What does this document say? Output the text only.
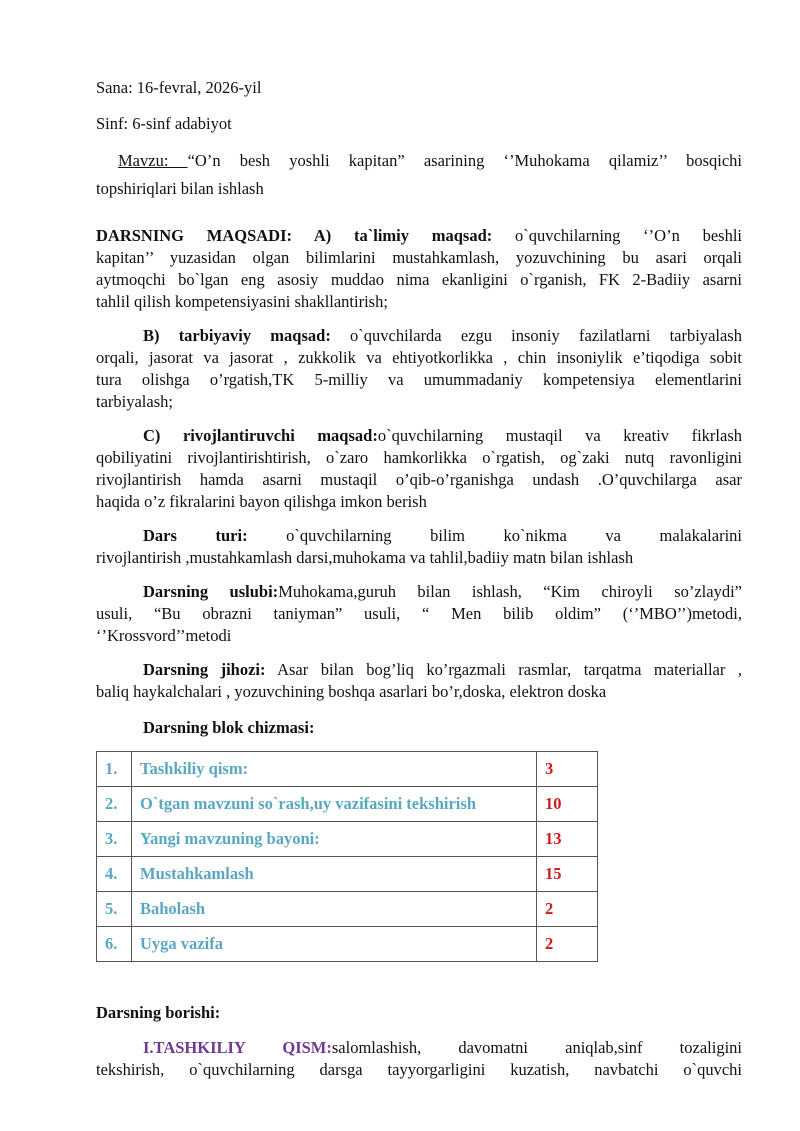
Sana: 16-fevral, 2026-yil

Sinf: 6-sinf adabiyot

Mavzu: “O’n besh yoshli kapitan” asarining ‘’Muhokama qilamiz’’ bosqichi

topshiriqlari bilan ishlash

DARSNING MAQSADI: A) ta`limiy maqsad: o`quvchilarning ‘’O’n beshli

kapitan’’ yuzasidan olgan bilimlarini mustahkamlash, yozuvchining bu asari orqali

aytmoqchi bo`lgan eng asosiy muddao nima ekanligini o`rganish, FK 2-Badiiy asarni

tahlil qilish kompetensiyasini shakllantirish;

B) tarbiyaviy maqsad: o`quvchilarda ezgu insoniy fazilatlarni tarbiyalash

orqali, jasorat va jasorat , zukkolik va ehtiyotkorlikka , chin insoniylik e’tiqodiga sobit

tura olishga o’rgatish,TK 5-milliy va umummadaniy kompetensiya elementlarini

tarbiyalash;

C) rivojlantiruvchi maqsad:o`quvchilarning mustaqil va kreativ fikrlash

qobiliyatini rivojlantirishtirish, o`zaro hamkorlikka o`rgatish, og`zaki nutq ravonligini

rivojlantirish hamda asarni mustaqil o’qib-o’rganishga undash .O’quvchilarga asar

haqida o’z fikralarini bayon qilishga imkon berish

Dars turi: o`quvchilarning bilim ko`nikma va malakalarini

rivojlantirish ,mustahkamlash darsi,muhokama va tahlil,badiiy matn bilan ishlash

Darsning uslubi:Muhokama,guruh bilan ishlash, “Kim chiroyli so’zlaydi”

usuli, “Bu obrazni taniyman” usuli, “ Men bilib oldim” (‘’MBO’’)metodi,

‘’Krossvord’’metodi

Darsning jihozi: Asar bilan bog’liq ko’rgazmali rasmlar, tarqatma materiallar ,

baliq haykalchalari , yozuvchining boshqa asarlari bo’r,doska, elektron doska

Darsning blok chizmasi:

1.	Tashkiliy qism:	3
2.	O`tgan mavzuni so`rash,uy vazifasini tekshirish	10
3.	Yangi mavzuning bayoni:	13
4.	Mustahkamlash	15
5.	Baholash	2
6.	Uyga vazifa	2

Darsning borishi:

I.TASHKILIY QISM:salomlashish, davomatni aniqlab,sinf tozaligini

tekshirish, o`quvchilarning darsga tayyorgarligini kuzatish, navbatchi o`quvchi
